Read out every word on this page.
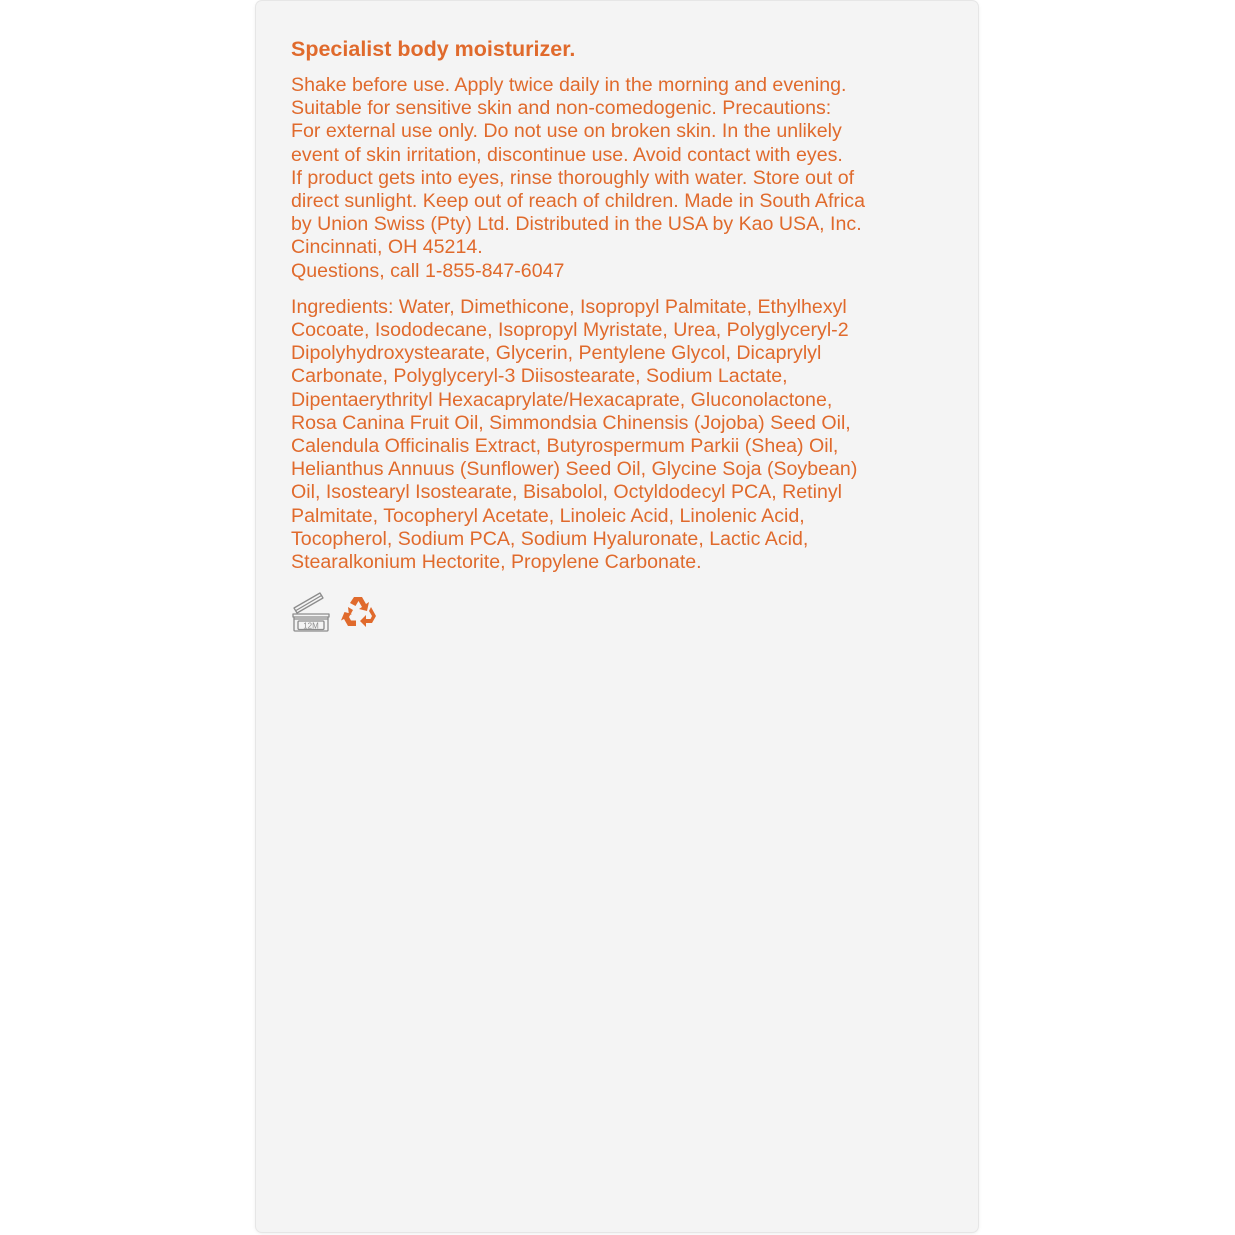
Specialist body moisturizer.

Shake before use. Apply twice daily in the morning and evening.
Suitable for sensitive skin and non-comedogenic. Precautions:
For external use only. Do not use on broken skin. In the unlikely
event of skin irritation, discontinue use. Avoid contact with eyes.
If product gets into eyes, rinse thoroughly with water. Store out of
direct sunlight. Keep out of reach of children. Made in South Africa
by Union Swiss (Pty) Ltd. Distributed in the USA by Kao USA, Inc.
Cincinnati, OH 45214.
Questions, call 1-855-847-6047

Ingredients: Water, Dimethicone, Isopropyl Palmitate, Ethylhexyl
Cocoate, Isododecane, Isopropyl Myristate, Urea, Polyglyceryl-2
Dipolyhydroxystearate, Glycerin, Pentylene Glycol, Dicaprylyl
Carbonate, Polyglyceryl-3 Diisostearate, Sodium Lactate,
Dipentaerythrityl Hexacaprylate/Hexacaprate, Gluconolactone,
Rosa Canina Fruit Oil, Simmondsia Chinensis (Jojoba) Seed Oil,
Calendula Officinalis Extract, Butyrospermum Parkii (Shea) Oil,
Helianthus Annuus (Sunflower) Seed Oil, Glycine Soja (Soybean)
Oil, Isostearyl Isostearate, Bisabolol, Octyldodecyl PCA, Retinyl
Palmitate, Tocopheryl Acetate, Linoleic Acid, Linolenic Acid,
Tocopherol, Sodium PCA, Sodium Hyaluronate, Lactic Acid,
Stearalkonium Hectorite, Propylene Carbonate.

12M
